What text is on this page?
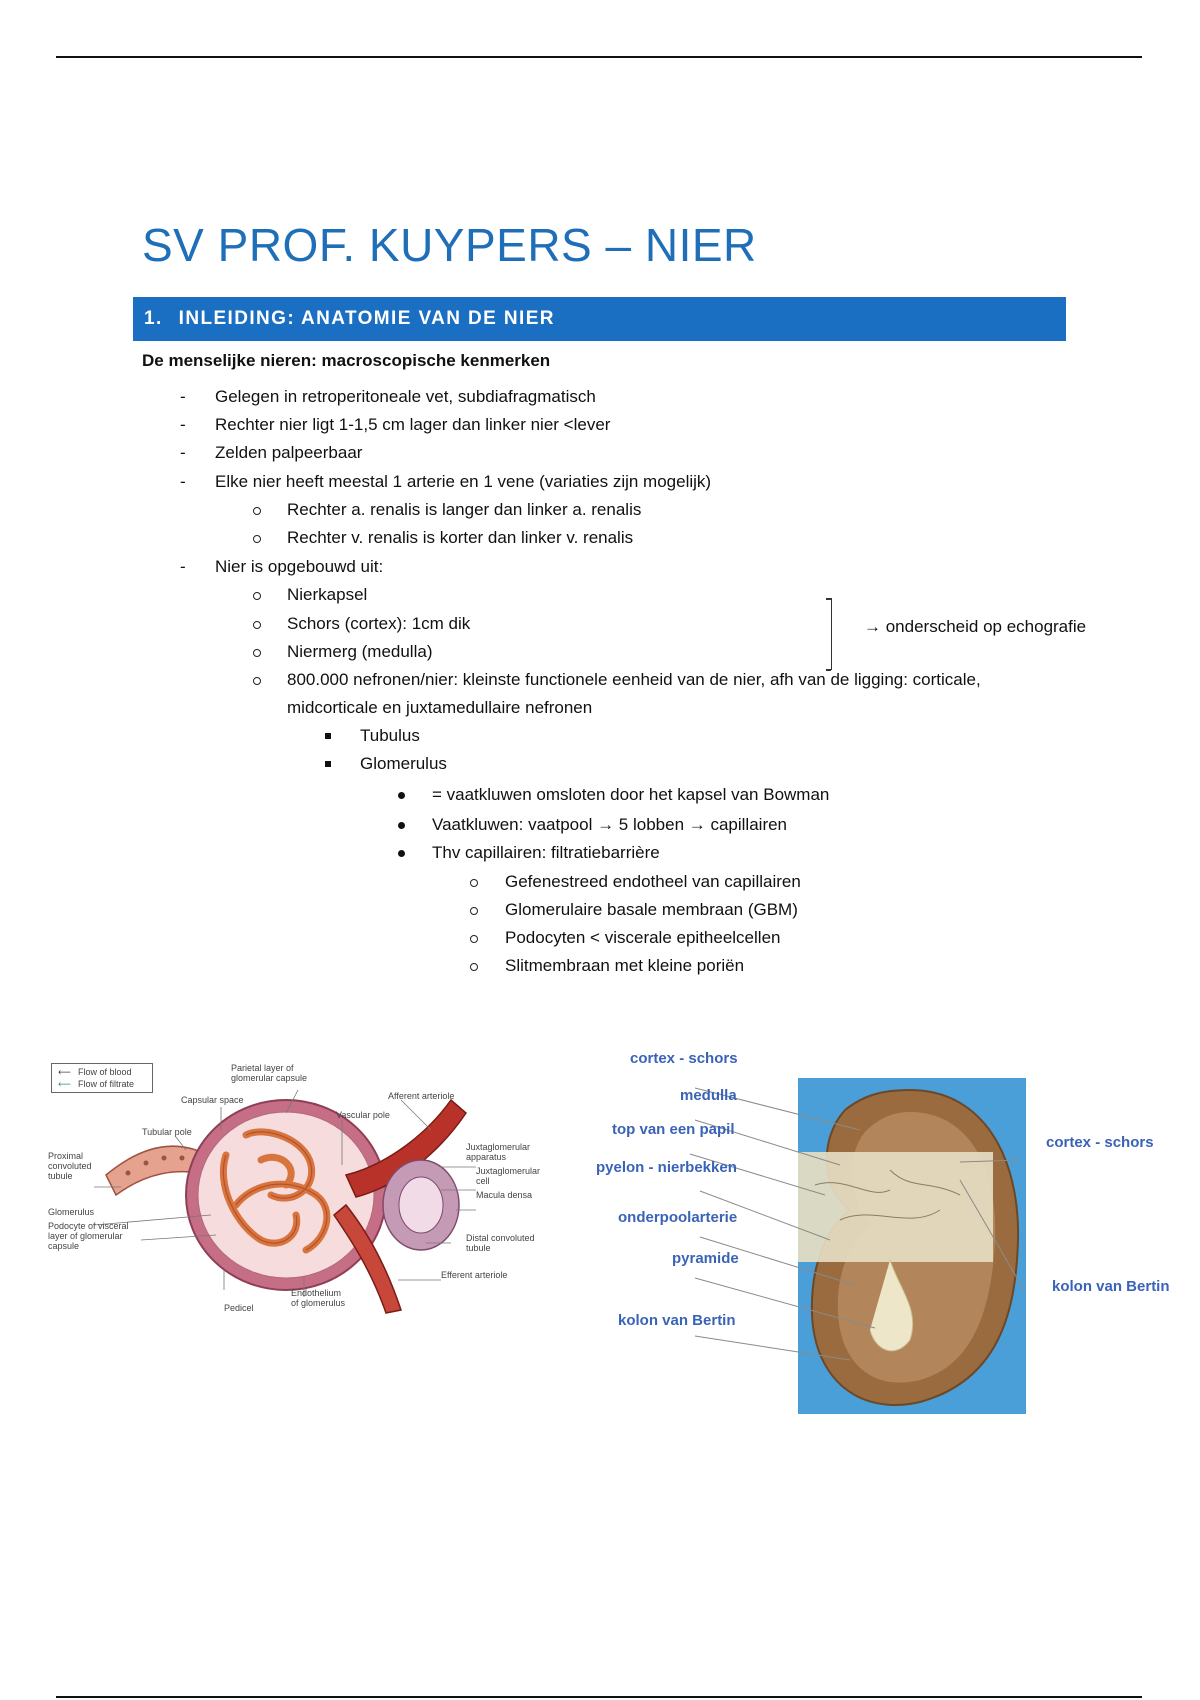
SV PROF. KUYPERS – NIER
1. INLEIDING: ANATOMIE VAN DE NIER
De menselijke nieren: macroscopische kenmerken
- Gelegen in retroperitoneale vet, subdiafragmatisch
- Rechter nier ligt 1-1,5 cm lager dan linker nier <lever
- Zelden palpeerbaar
- Elke nier heeft meestal 1 arterie en 1 vene (variaties zijn mogelijk)
Rechter a. renalis is langer dan linker a. renalis
Rechter v. renalis is korter dan linker v. renalis
- Nier is opgebouwd uit:
Nierkapsel
Schors (cortex): 1cm dik
Niermerg (medulla)
800.000 nefronen/nier: kleinste functionele eenheid van de nier, afh van de ligging: corticale,
midcorticale en juxtamedullaire nefronen
Tubulus
Glomerulus
= vaatkluwen omsloten door het kapsel van Bowman
Vaatkluwen: vaatpool → 5 lobben → capillairen
Thv capillairen: filtratiebarrière
Gefenestreed endotheel van capillairen
Glomerulaire basale membraan (GBM)
Podocyten < viscerale epitheelcellen
Slitmembraan met kleine poriën
→ onderscheid op echografie
⟵ Flow of blood
⟵ Flow of filtrate
Parietal layer of
glomerular capsule
Capsular space	Afferent arteriole
Tubular pole
Vascular pole
Proximal
convoluted
tubule
Juxtaglomerular
apparatus
Juxtaglomerular
cell
Macula densa
Glomerulus
Podocyte of visceral
layer of glomerular
capsule
Distal convoluted
tubule
Efferent arteriole
Endothelium
of glomerulus
Pedicel
cortex - schors
medulla
top van een papil
pyelon - nierbekken
onderpoolarterie
pyramide
kolon van Bertin
cortex - schors
kolon van Bertin
